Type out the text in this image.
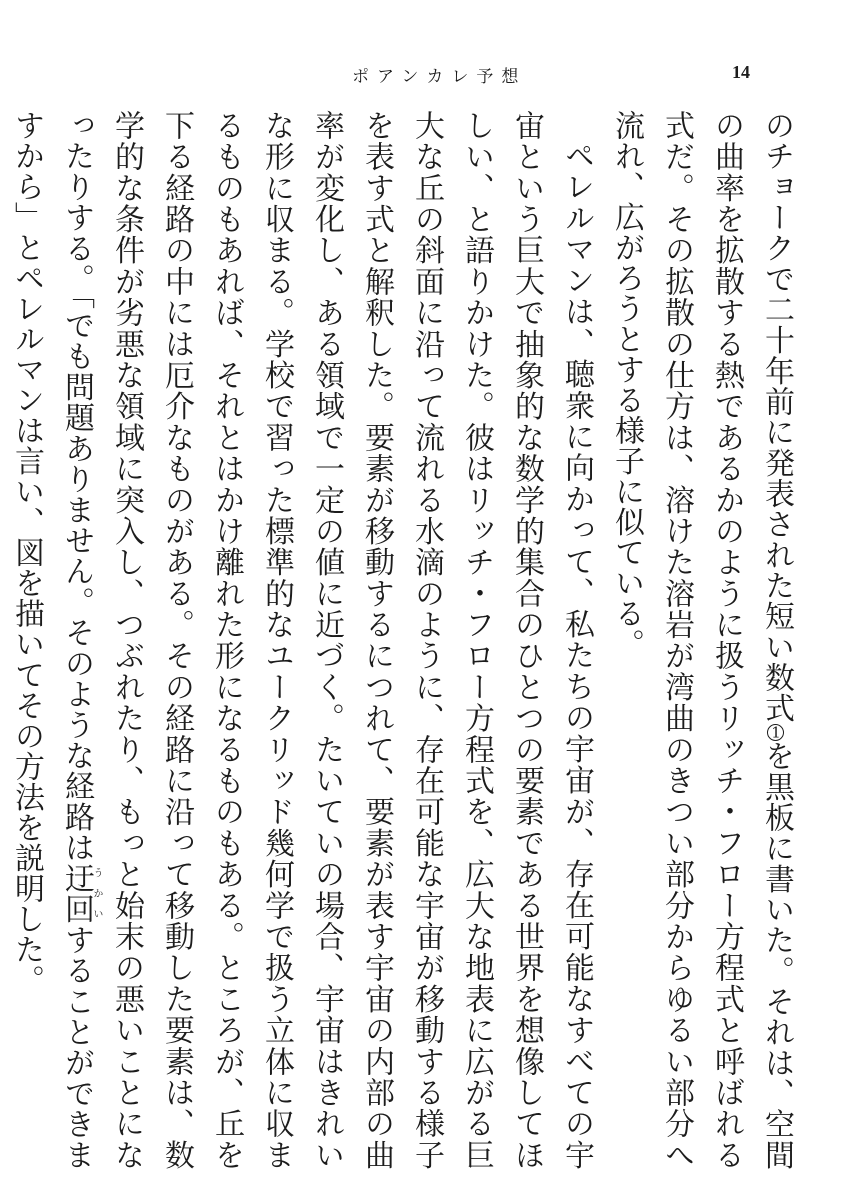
ポアンカレ予想	14

のチョークで二十年前に発表された短い数式1を黒板に書いた。それは、空間の曲率を拡散する熱であるかのように扱うリッチ・フロー方程式と呼ばれる式だ。その拡散の仕方は、溶けた溶岩が湾曲のきつい部分からゆるい部分へ流れ、広がろうとする様子に似ている。

ペレルマンは、聴衆に向かって、私たちの宇宙が、存在可能なすべての宇宙という巨大で抽象的な数学的集合のひとつの要素である世界を想像してほしい、と語りかけた。彼はリッチ・フロー方程式を、広大な地表に広がる巨大な丘の斜面に沿って流れる水滴のように、存在可能な宇宙が移動する様子を表す式と解釈した。要素が移動するにつれて、要素が表す宇宙の内部の曲率が変化し、ある領域で一定の値に近づく。たいていの場合、宇宙はきれいな形に収まる。学校で習った標準的なユークリッド幾何学で扱う立体に収まるものもあれば、それとはかけ離れた形になるものもある。ところが、丘を下る経路の中には厄介なものがある。その経路に沿って移動した要素は、数学的な条件が劣悪な領域に突入し、つぶれたり、もっと始末の悪いことになったりする。「でも問題ありません。そのような経路は迂回うかいすることができますから」とペレルマンは言い、図を描いてその方法を説明した。
